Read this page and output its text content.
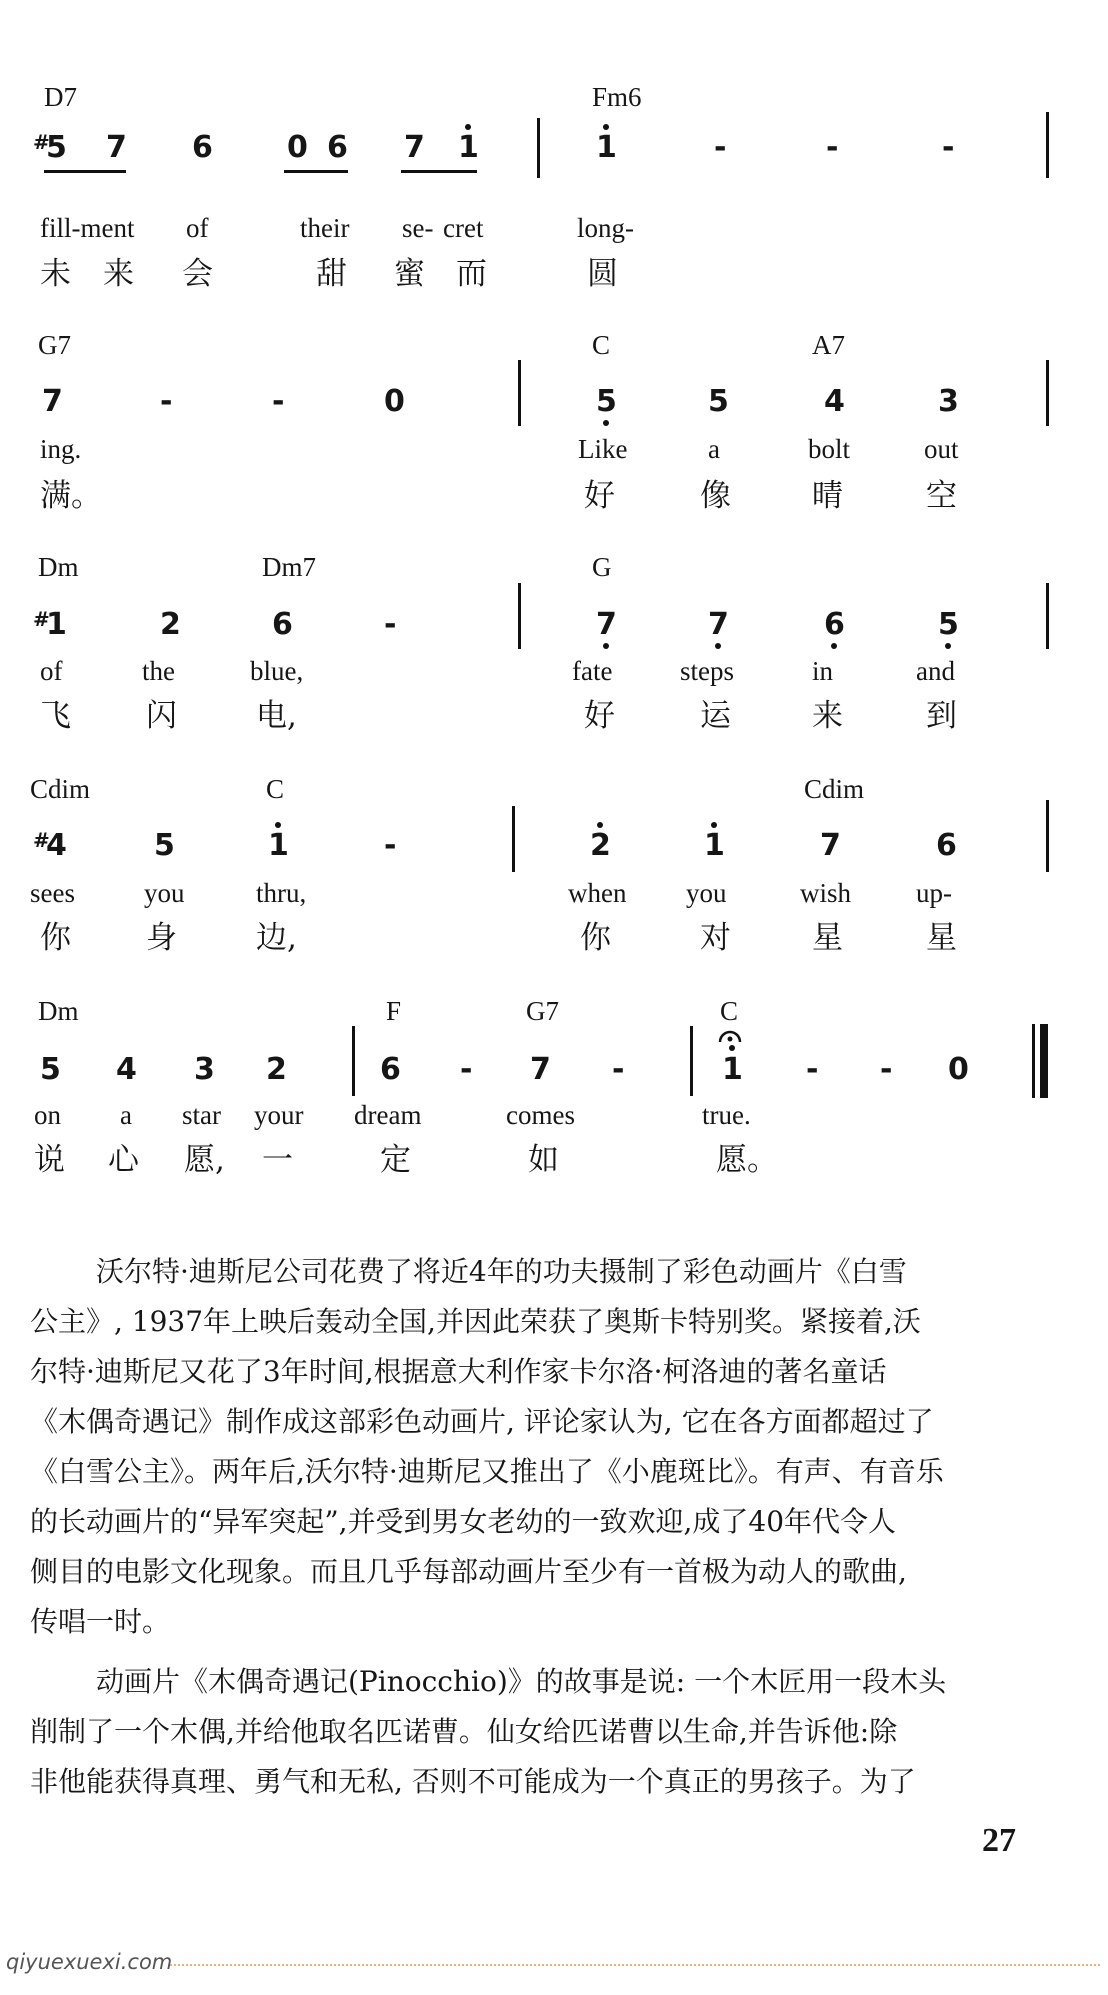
D7	Fm6
#
5 7 6 0 6 7 1	1	-	-	-
fill-ment of	their se- cret	long-
未 来 会	甜 蜜 而	圆
G7	C	A7
7	-	-	0	5	5	4	3
ing.	Like	a	bolt	out
满。	好	像	晴	空
Dm	Dm7	G
#
1	2	6	-	7	7	6	5
of	the	blue,	fate	steps	in	and
飞 闪	电,	好	运	来	到
Cdim	C	Cdim
#
4	5	1	-	2	1	7	6
sees	you	thru,	when you	wish up-
你 身	边,	你	对	星	星
Dm	F	G7	C
5 4 3 2	6 - 7 -	1 - - 0
on a star your dream	comes	true.
说 心 愿, 一	定	如	愿。
沃尔特·迪斯尼公司花费了将近4年的功夫摄制了彩色动画片《白雪
公主》, 1937年上映后轰动全国,并因此荣获了奥斯卡特别奖。紧接着,沃
尔特·迪斯尼又花了3年时间,根据意大利作家卡尔洛·柯洛迪的著名童话
《木偶奇遇记》制作成这部彩色动画片, 评论家认为, 它在各方面都超过了
《白雪公主》。两年后,沃尔特·迪斯尼又推出了《小鹿斑比》。有声、有音乐
的长动画片的“异军突起”,并受到男女老幼的一致欢迎,成了40年代令人
侧目的电影文化现象。而且几乎每部动画片至少有一首极为动人的歌曲,
传唱一时。
动画片《木偶奇遇记(Pinocchio)》的故事是说: 一个木匠用一段木头
削制了一个木偶,并给他取名匹诺曹。仙女给匹诺曹以生命,并告诉他:除
非他能获得真理、勇气和无私, 否则不可能成为一个真正的男孩子。为了
27
qiyuexuexi.com
